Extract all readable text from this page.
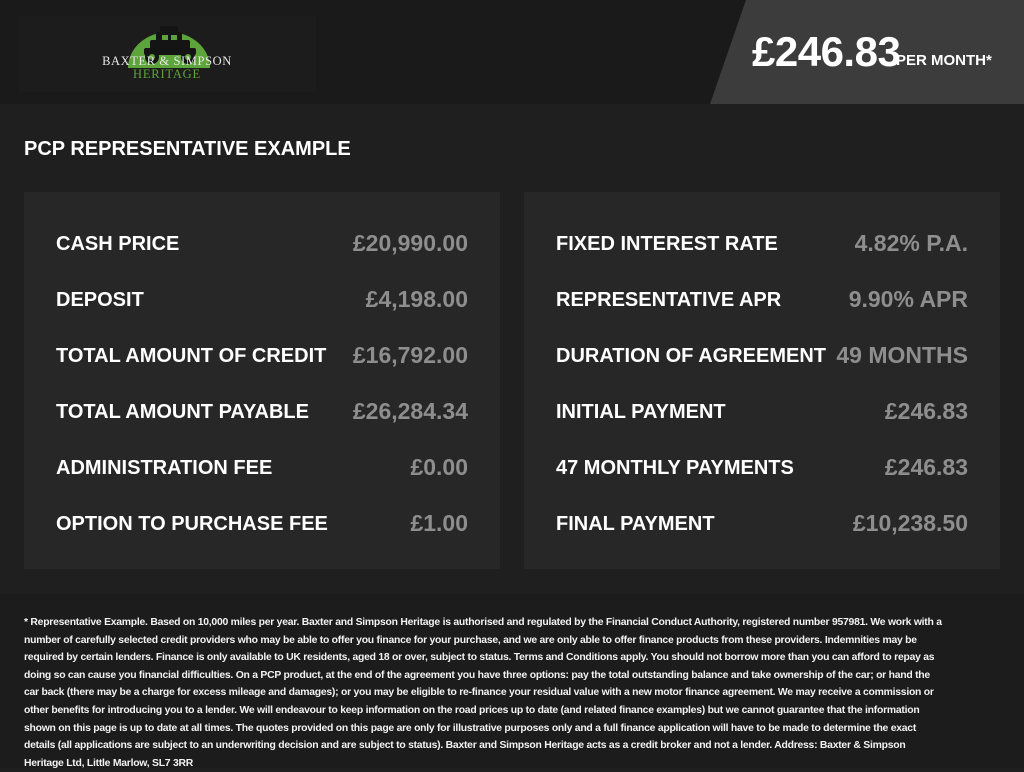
BAXTER & SIMPSON
HERITAGE	£246.83
PER MONTH*
PCP REPRESENTATIVE EXAMPLE
CASH PRICE	£20,990.00
DEPOSIT	£4,198.00
TOTAL AMOUNT OF CREDIT £16,792.00
TOTAL AMOUNT PAYABLE £26,284.34
ADMINISTRATION FEE	£0.00
OPTION TO PURCHASE FEE	£1.00
FIXED INTEREST RATE	4.82% P.A.
REPRESENTATIVE APR	9.90% APR
DURATION OF AGREEMENT 49 MONTHS
INITIAL PAYMENT	£246.83
47 MONTHLY PAYMENTS	£246.83
FINAL PAYMENT	£10,238.50
* Representative Example. Based on 10,000 miles per year. Baxter and Simpson Heritage is authorised and regulated by the Financial Conduct Authority, registered number 957981. We work with a number of carefully selected credit providers who may be able to offer you finance for your purchase, and we are only able to offer finance products from these providers. Indemnities may be required by certain lenders. Finance is only available to UK residents, aged 18 or over, subject to status. Terms and Conditions apply. You should not borrow more than you can afford to repay as doing so can cause you financial difficulties. On a PCP product, at the end of the agreement you have three options: pay the total outstanding balance and take ownership of the car; or hand the car back (there may be a charge for excess mileage and damages); or you may be eligible to re-finance your residual value with a new motor finance agreement. We may receive a commission or other benefits for introducing you to a lender. We will endeavour to keep information on the road prices up to date (and related finance examples) but we cannot guarantee that the information shown on this page is up to date at all times. The quotes provided on this page are only for illustrative purposes only and a full finance application will have to be made to determine the exact details (all applications are subject to an underwriting decision and are subject to status). Baxter and Simpson Heritage acts as a credit broker and not a lender. Address: Baxter & Simpson Heritage Ltd, Little Marlow, SL7 3RR
